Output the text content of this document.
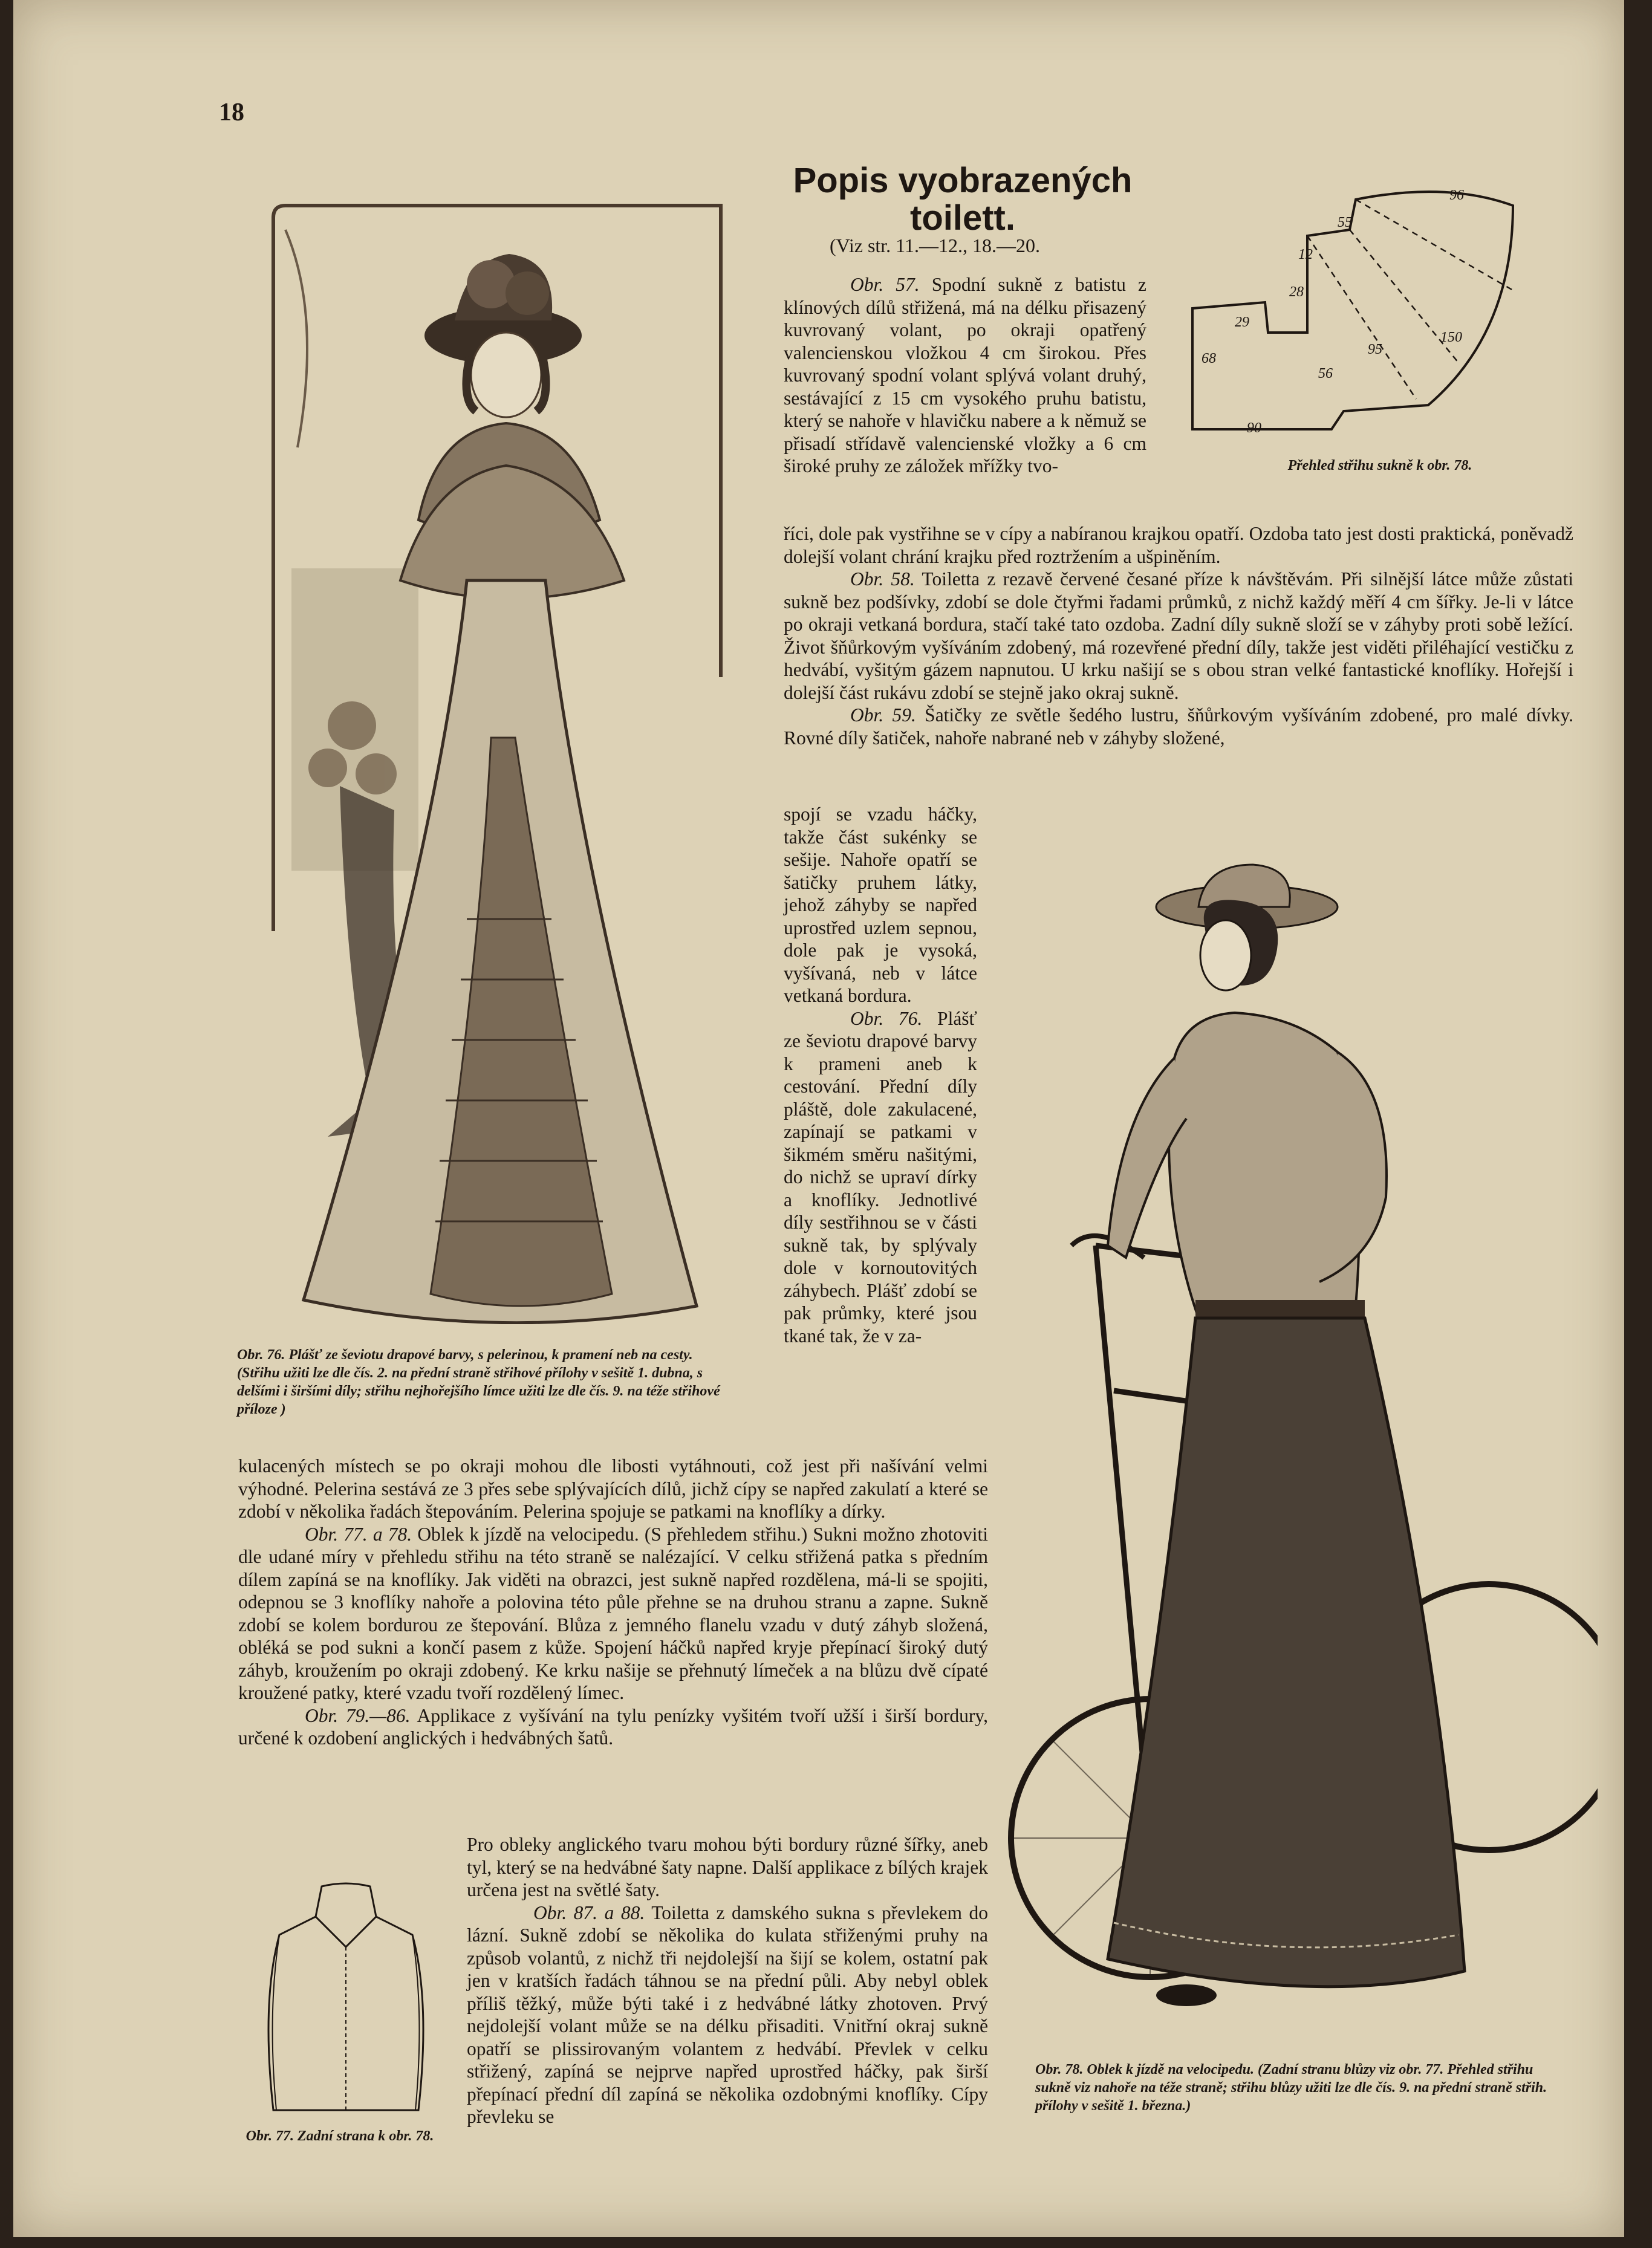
18
Obr. 76. Plášť ze ševiotu drapové barvy, s pelerinou, k pramení neb na cesty. (Střihu užiti lze dle čís. 2. na přední straně střihové přílohy v sešitě 1. dubna, s delšími i širšími díly; střihu nejhořejšího límce užiti lze dle čís. 9. na téže střihové příloze )
Popis vyobrazených
toilett.
(Viz str. 11.—12., 18.—20.
96
55
12
28
29
68
56
95
150
90
Přehled střihu sukně k obr. 78.

Obr. 57. Spodní sukně z batistu z klínových dílů střižená, má na délku přisazený kuvrovaný volant, po okraji opatřený valencienskou vložkou 4 cm širokou. Přes kuvrovaný spodní volant splývá volant druhý, sestávající z 15 cm vysokého pruhu batistu, který se nahoře v hlavičku nabere a k němuž se přisadí střídavě valencienské vložky a 6 cm široké pruhy ze záložek mřížky tvo-

říci, dole pak vystřihne se v cípy a nabíranou krajkou opatří. Ozdoba tato jest dosti praktická, poněvadž dolejší volant chrání krajku před roztržením a ušpiněním.

Obr. 58. Toiletta z rezavě červené česané příze k návštěvám. Při silnější látce může zůstati sukně bez podšívky, zdobí se dole čtyřmi řadami průmků, z nichž každý měří 4 cm šířky. Je-li v látce po okraji vetkaná bordura, stačí také tato ozdoba. Zadní díly sukně složí se v záhyby proti sobě ležící. Život šňůrkovým vyšíváním zdobený, má rozevřené přední díly, takže jest viděti přiléhající vestičku z hedvábí, vyšitým gázem napnutou. U krku našijí se s obou stran velké fantastické knoflíky. Hořejší i dolejší část rukávu zdobí se stejně jako okraj sukně.

Obr. 59. Šatičky ze světle šedého lustru, šňůrkovým vyšíváním zdobené, pro malé dívky. Rovné díly šatiček, nahoře nabrané neb v záhyby složené,

spojí se vzadu háčky, takže část sukénky se sešije. Nahoře opatří se šatičky pruhem látky, jehož záhyby se napřed uprostřed uzlem sepnou, dole pak je vysoká, vyšívaná, neb v látce vetkaná bordura.

Obr. 76. Plášť ze ševiotu drapové barvy k prameni aneb k cestování. Přední díly pláště, dole zakulacené, zapínají se patkami v šikmém směru našitými, do nichž se upraví dírky a knoflíky. Jednotlivé díly sestřihnou se v části sukně tak, by splývaly dole v kornoutovitých záhybech. Plášť zdobí se pak průmky, které jsou tkané tak, že v za-

kulacených místech se po okraji mohou dle libosti vytáhnouti, což jest při našívání velmi výhodné. Pelerina sestává ze 3 přes sebe splývajících dílů, jichž cípy se napřed zakulatí a které se zdobí v několika řadách štepováním. Pelerina spojuje se patkami na knoflíky a dírky.

Obr. 77. a 78. Oblek k jízdě na velocipedu. (S přehledem střihu.) Sukni možno zhotoviti dle udané míry v přehledu střihu na této straně se nalézající. V celku střižená patka s předním dílem zapíná se na knoflíky. Jak viděti na obrazci, jest sukně napřed rozdělena, má-li se spojiti, odepnou se 3 knoflíky nahoře a polovina této půle přehne se na druhou stranu a zapne. Sukně zdobí se kolem bordurou ze štepování. Blůza z jemného flanelu vzadu v dutý záhyb složená, obléká se pod sukni a končí pasem z kůže. Spojení háčků napřed kryje přepínací široký dutý záhyb, kroužením po okraji zdobený. Ke krku našije se přehnutý límeček a na blůzu dvě cípaté kroužené patky, které vzadu tvoří rozdělený límec.

Obr. 79.—86. Applikace z vyšívání na tylu penízky vyšitém tvoří užší i širší bordury, určené k ozdobení anglických i hedvábných šatů.

Pro obleky anglického tvaru mohou býti bordury různé šířky, aneb tyl, který se na hedvábné šaty napne. Další applikace z bílých krajek určena jest na světlé šaty.

Obr. 87. a 88. Toiletta z damského sukna s převlekem do lázní. Sukně zdobí se několika do kulata střiženými pruhy na způsob volantů, z nichž tři nejdolejší na šijí se kolem, ostatní pak jen v kratších řadách táhnou se na přední půli. Aby nebyl oblek příliš těžký, může býti také i z hedvábné látky zhotoven. Prvý nejdolejší volant může se na délku přisaditi. Vnitřní okraj sukně opatří se plissirovaným volantem z hedvábí. Převlek v celku střižený, zapíná se nejprve napřed uprostřed háčky, pak širší přepínací přední díl zapíná se několika ozdobnými knoflíky. Cípy převleku se

Obr. 77. Zadní strana k obr. 78.
Obr. 78. Oblek k jízdě na velocipedu. (Zadní stranu blůzy viz obr. 77. Přehled střihu sukně viz nahoře na téže straně; střihu blůzy užiti lze dle čís. 9. na přední straně střih. přílohy v sešitě 1. března.)
